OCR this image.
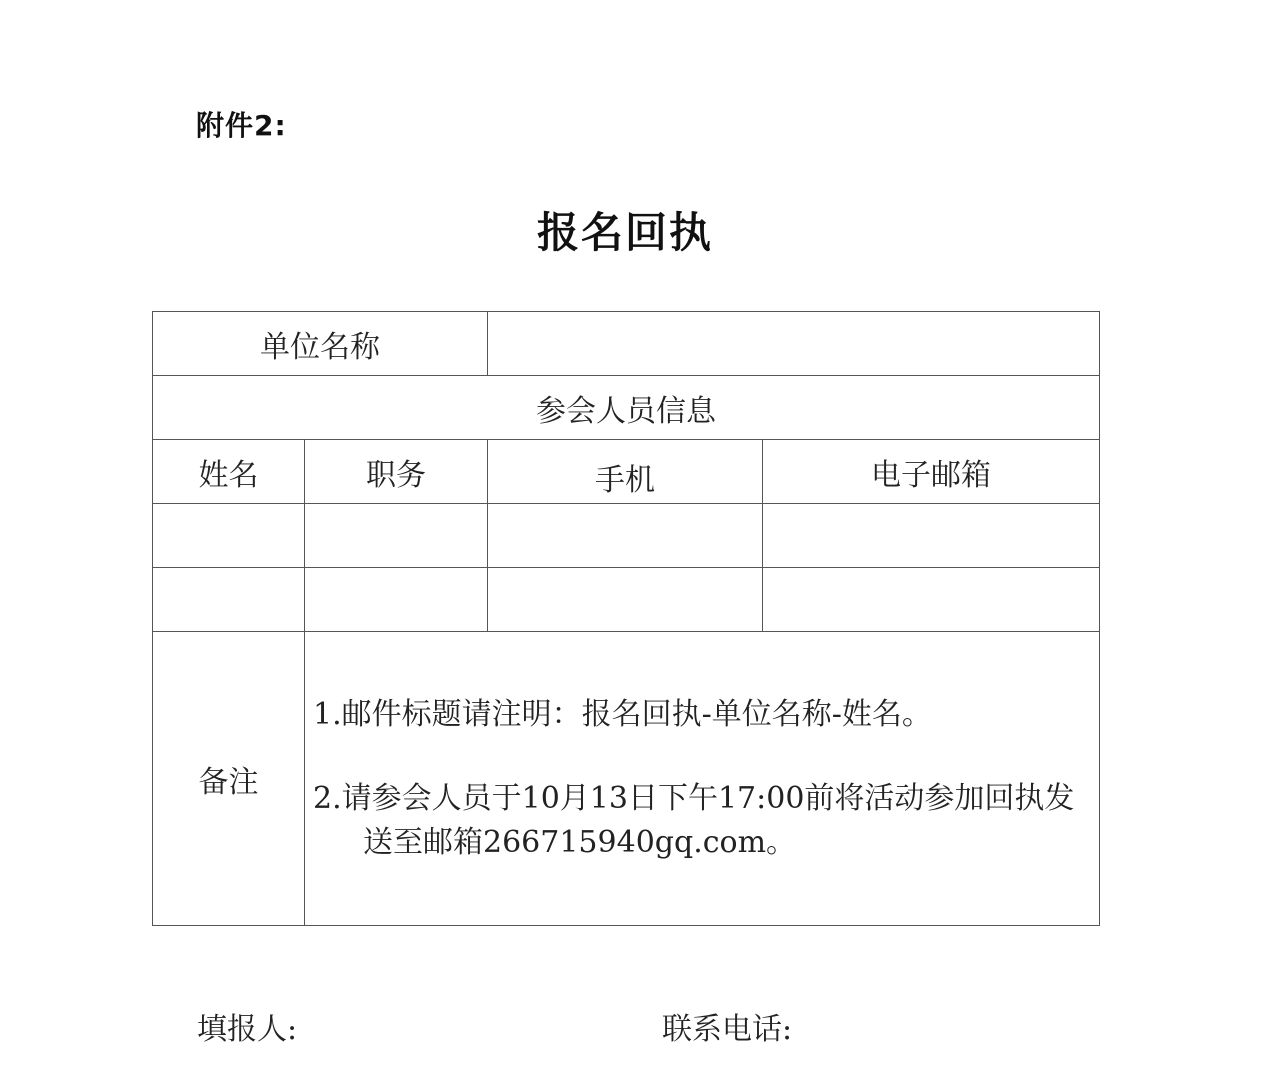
附件2:
报名回执
单位名称			
参会人员信息			
姓名	职务	手机	电子邮箱

备注	1.邮件标题请注明：报名回执-单位名称-姓名。

2.请参会人员于10月13日下午17:00前将活动参加回执发送至邮箱266715940gq.com。		

填报人:	联系电话:
